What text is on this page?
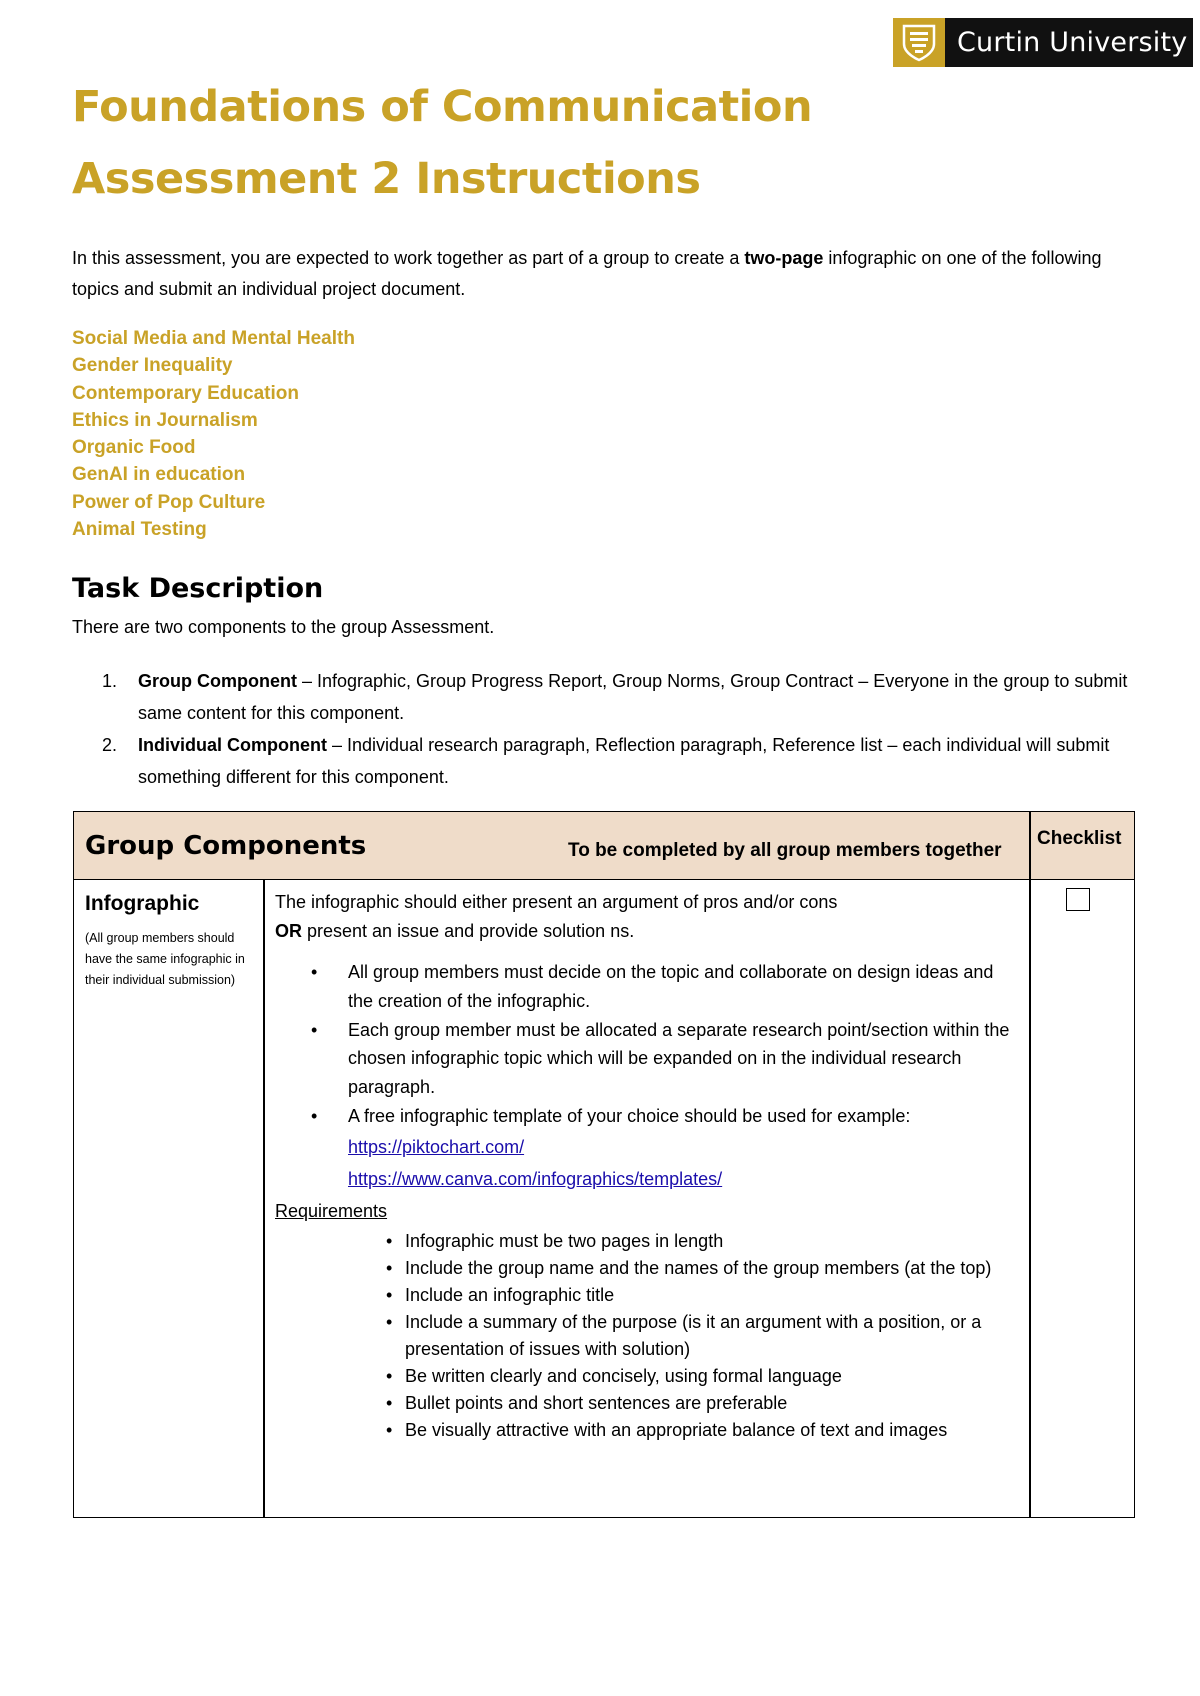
Curtin University
Foundations of Communication
Assessment 2 Instructions

In this assessment, you are expected to work together as part of a group to create a two-page infographic on one of the following topics and submit an individual project document.

Social Media and Mental Health
Gender Inequality
Contemporary Education
Ethics in Journalism
Organic Food
GenAI in education
Power of Pop Culture
Animal Testing
Task Description

There are two components to the group Assessment.

1. Group Component – Infographic, Group Progress Report, Group Norms, Group Contract – Everyone in the group to submit same content for this component.
2. Individual Component – Individual research paragraph, Reflection paragraph, Reference list – each individual will submit something different for this component.
Group Components	To be completed by all group members together
Checklist
Infographic
(All group members should have the same infographic in their individual submission)
The infographic should either present an argument of pros and/or cons
OR present an issue and provide solution ns.
• All group members must decide on the topic and collaborate on design ideas and the creation of the infographic.
• Each group member must be allocated a separate research point/section within the chosen infographic topic which will be expanded on in the individual research paragraph.
• A free infographic template of your choice should be used for example:
https://piktochart.com/
https://www.canva.com/infographics/templates/
Requirements
• Infographic must be two pages in length
• Include the group name and the names of the group members (at the top)
• Include an infographic title
• Include a summary of the purpose (is it an argument with a position, or a presentation of issues with solution)
• Be written clearly and concisely, using formal language
• Bullet points and short sentences are preferable
• Be visually attractive with an appropriate balance of text and images
